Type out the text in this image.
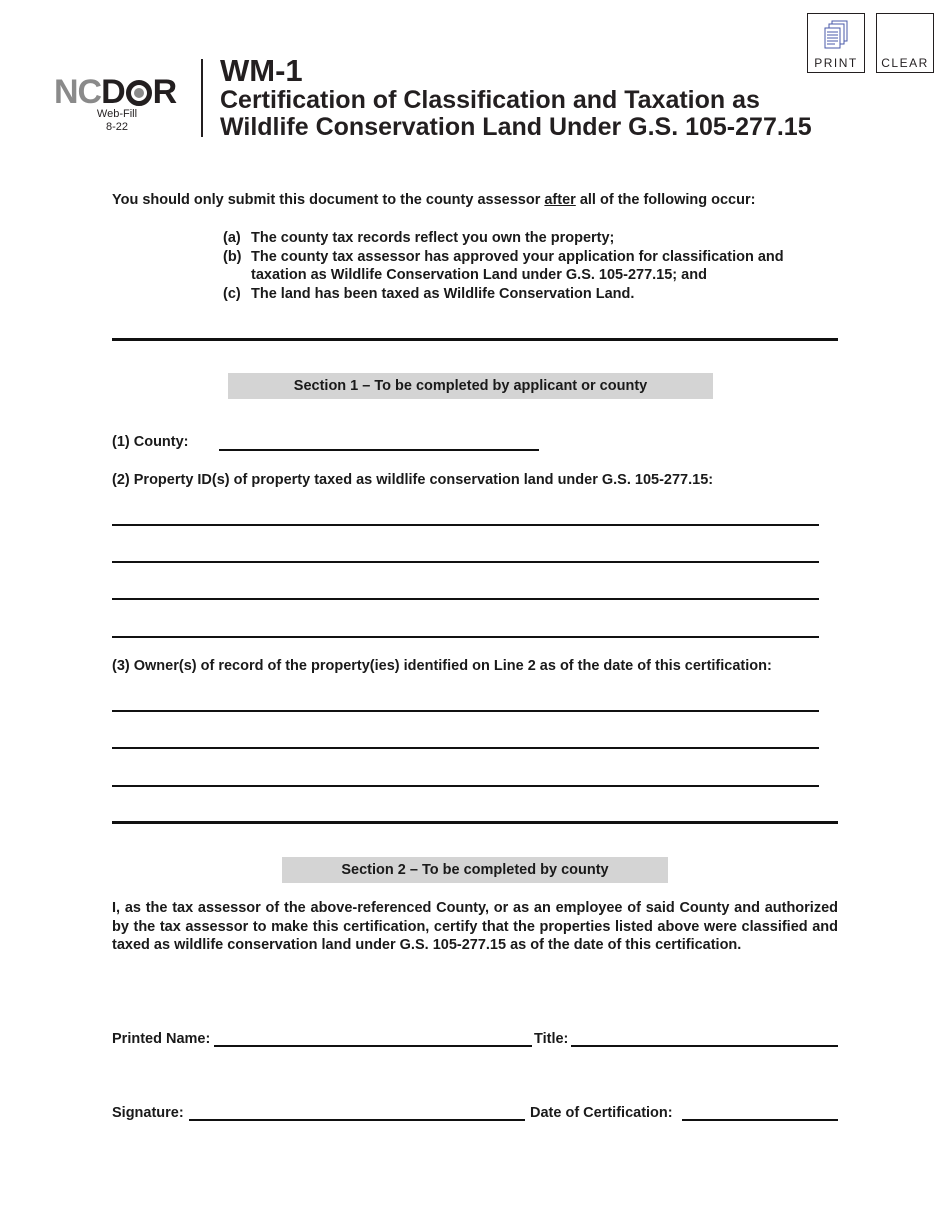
NCD R
Web-Fill
8-22
WM-1
Certification of Classification and Taxation as
Wildlife Conservation Land Under G.S. 105-277.15
PRINT	CLEAR
You should only submit this document to the county assessor after all of the following occur:
(a) The county tax records reflect you own the property;
(b) The county tax assessor has approved your application for classification and taxation as Wildlife Conservation Land under G.S. 105-277.15; and
(c) The land has been taxed as Wildlife Conservation Land.
Section 1 – To be completed by applicant or county
(1) County:
(2) Property ID(s) of property taxed as wildlife conservation land under G.S. 105-277.15:
(3) Owner(s) of record of the property(ies) identified on Line 2 as of the date of this certification:
Section 2 – To be completed by county
I, as the tax assessor of the above-referenced County, or as an employee of said County and authorized by the tax assessor to make this certification, certify that the properties listed above were classified and taxed as wildlife conservation land under G.S. 105-277.15 as of the date of this certification.
Printed Name:	Title:
Signature:	Date of Certification:
